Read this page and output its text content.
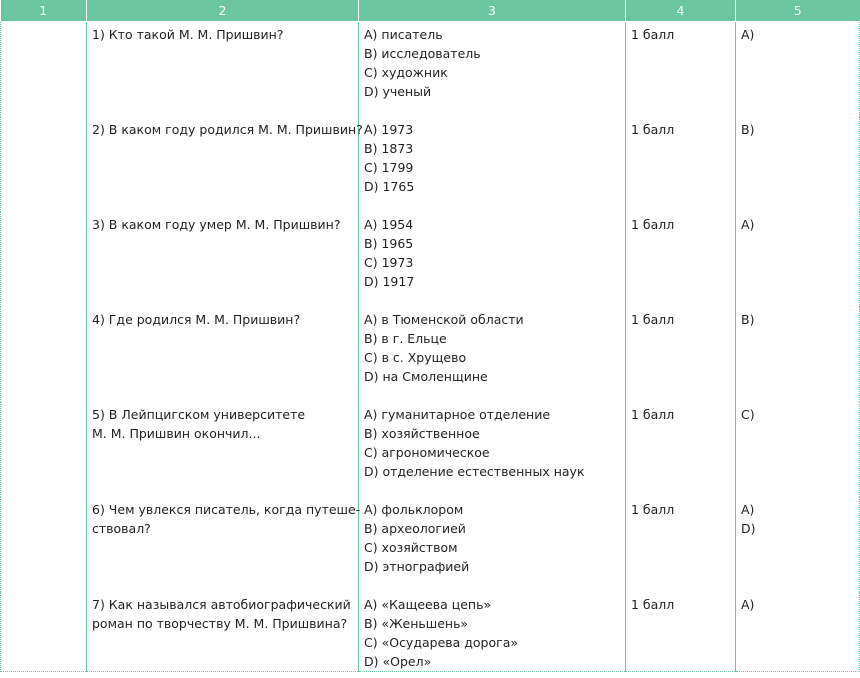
1	2	3	4	5

	1) Кто такой М. М. Пришвин?	А) писатель
В) исследователь
С) художник
D) ученый	1 балл	А)

	2) В каком году родился М. М. Пришвин?	А) 1973
В) 1873
С) 1799
D) 1765	1 балл	В)

	3) В каком году умер М. М. Пришвин?	А) 1954
В) 1965
С) 1973
D) 1917	1 балл	А)

	4) Где родился М. М. Пришвин?	А) в Тюменской области
В) в г. Ельце
С) в с. Хрущево
D) на Смоленщине	1 балл	В)

	5) В Лейпцигском университете
М. М. Пришвин окончил...	А) гуманитарное отделение
В) хозяйственное
С) агрономическое
D) отделение естественных наук	1 балл	С)

	6) Чем увлекся писатель, когда путеше-
ствовал?	А) фольклором
В) археологией
С) хозяйством
D) этнографией	1 балл	А)
D)

	7) Как назывался автобиографический
роман по творчеству М. М. Пришвина?	А) «Кащеева цепь»
В) «Женьшень»
С) «Осударева дорога»
D) «Орел»	1 балл	А)
